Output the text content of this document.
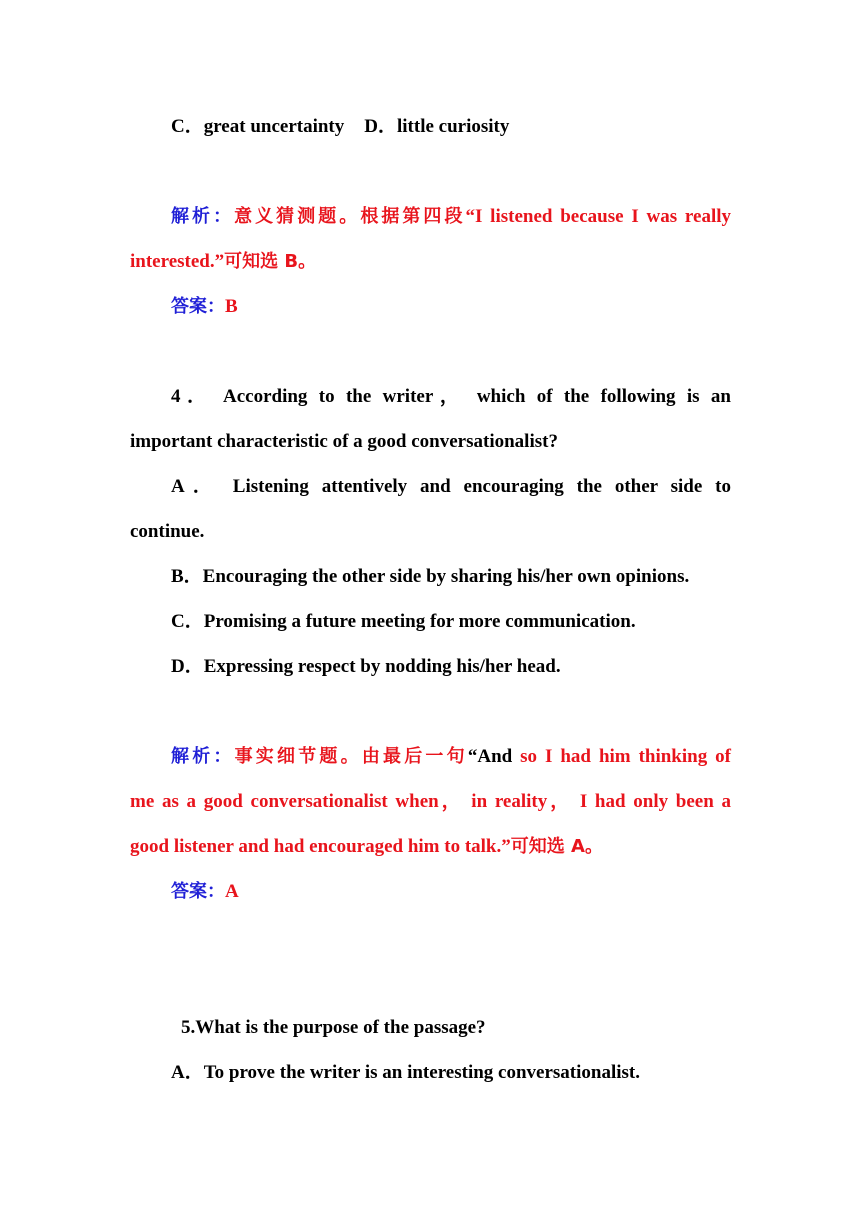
C．great uncertainty D．little curiosity
解析：意义猜测题。根据第四段“I listened because I was really
interested.”可知选 B。
答案：B
4． According to the writer， which of the following is an
important characteristic of a good conversationalist?
A． Listening attentively and encouraging the other side to
continue.
B．Encouraging the other side by sharing his/her own opinions.
C．Promising a future meeting for more communication.
D．Expressing respect by nodding his/her head.
解析：事实细节题。由最后一句“And so I had him thinking of
me as a good conversationalist when， in reality， I had only been a
good listener and had encouraged him to talk.”可知选 A。
答案：A
5.What is the purpose of the passage?
A．To prove the writer is an interesting conversationalist.
